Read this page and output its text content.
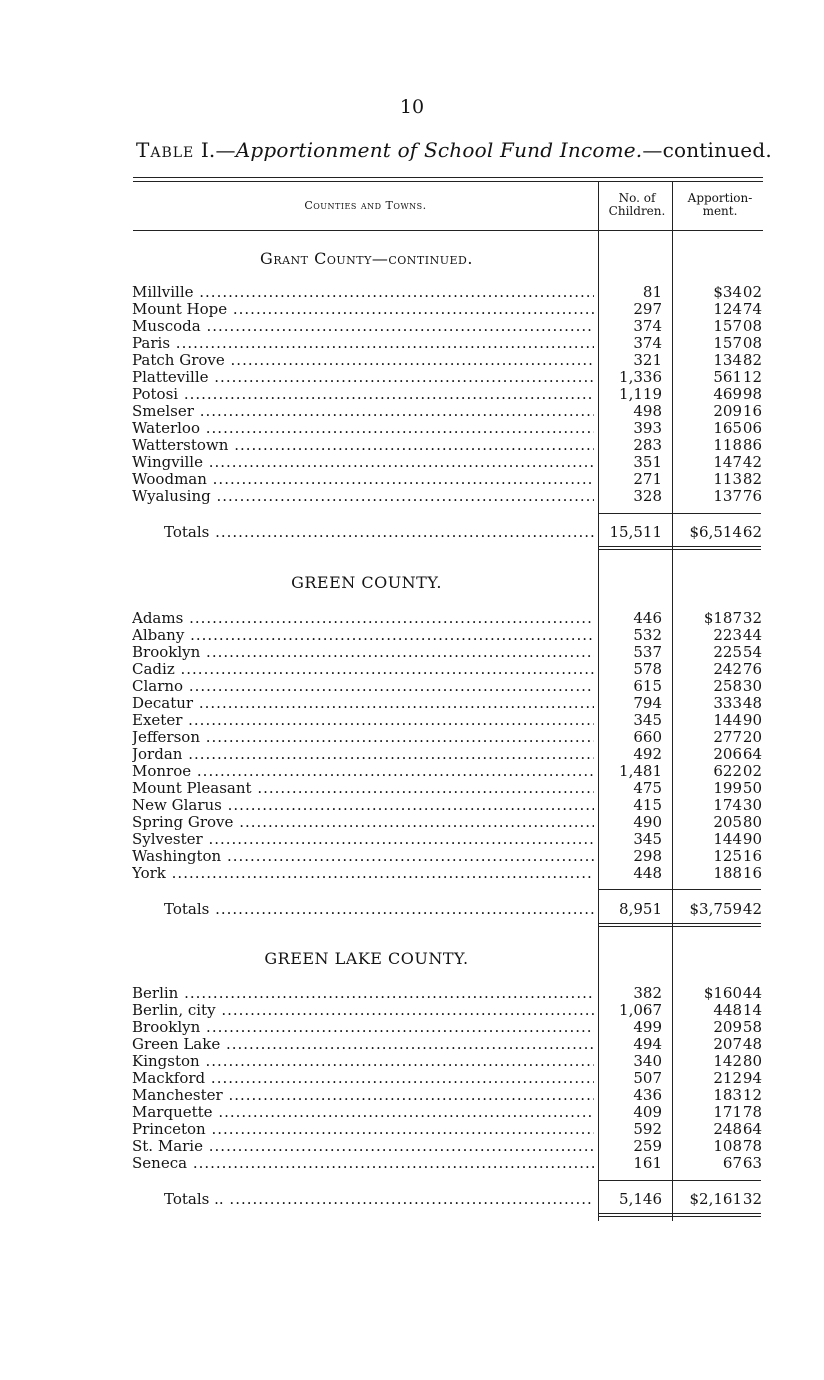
10
Table I.—Apportionment of School Fund Income.—continued.
Counties and Towns.
No. of
Children.
Apportion-
ment.
Grant County—continued.
Millville .....	81	$34 02
Mount Hope .....	297	124 74
Muscoda .....	374	157 08
Paris .....	374	157 08
Patch Grove .....	321	134 82
Platteville .....	1,336	561 12
Potosi .....	1,119	469 98
Smelser .....	498	209 16
Waterloo .....	393	165 06
Watterstown .....	283	118 86
Wingville .....	351	147 42
Woodman .....	271	113 82
Wyalusing .....	328	137 76
Totals .....	15,511	$6,514 62
GREEN COUNTY.
Adams .....	446	$187 32
Albany .....	532	223 44
Brooklyn .....	537	225 54
Cadiz .....	578	242 76
Clarno .....	615	258 30
Decatur .....	794	333 48
Exeter .....	345	144 90
Jefferson .....	660	277 20
Jordan .....	492	206 64
Monroe .....	1,481	622 02
Mount Pleasant .....	475	199 50
New Glarus .....	415	174 30
Spring Grove .....	490	205 80
Sylvester .....	345	144 90
Washington .....	298	125 16
York .....	448	188 16
Totals .....	8,951	$3,759 42
GREEN LAKE COUNTY.
Berlin .....	382	$160 44
Berlin, city .....	1,067	448 14
Brooklyn .....	499	209 58
Green Lake .....	494	207 48
Kingston .....	340	142 80
Mackford .....	507	212 94
Manchester .....	436	183 12
Marquette .....	409	171 78
Princeton .....	592	248 64
St. Marie .....	259	108 78
Seneca .....	161	67 63
Totals .. .....	5,146	$2,161 32
